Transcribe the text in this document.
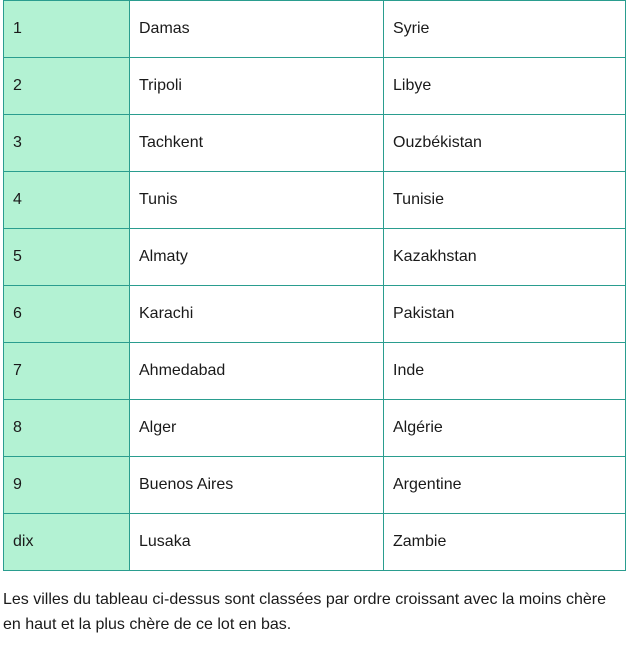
1	Damas	Syrie
2	Tripoli	Libye
3	Tachkent	Ouzbékistan
4	Tunis	Tunisie
5	Almaty	Kazakhstan
6	Karachi	Pakistan
7	Ahmedabad	Inde
8	Alger	Algérie
9	Buenos Aires	Argentine
dix	Lusaka	Zambie

Les villes du tableau ci-dessus sont classées par ordre croissant avec la moins chère en haut et la plus chère de ce lot en bas.
